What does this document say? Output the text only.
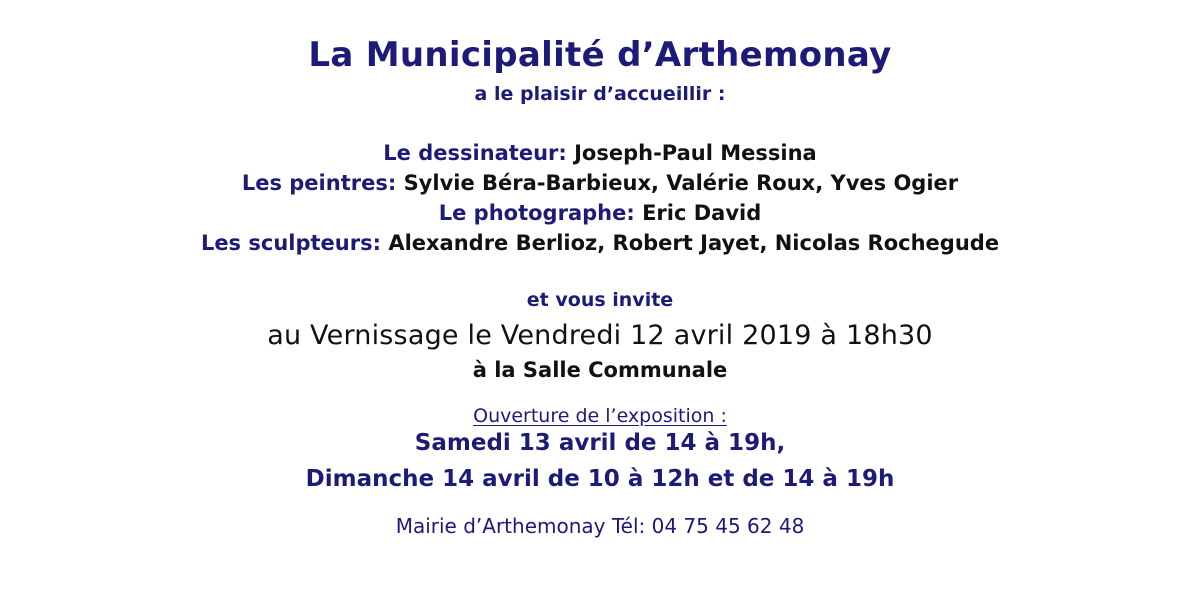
La Municipalité d’Arthemonay
a le plaisir d’accueillir :
Le dessinateur: Joseph-Paul Messina
Les peintres: Sylvie Béra-Barbieux, Valérie Roux, Yves Ogier
Le photographe: Eric David
Les sculpteurs: Alexandre Berlioz, Robert Jayet, Nicolas Rochegude
et vous invite
au Vernissage le Vendredi 12 avril 2019 à 18h30
à la Salle Communale
Ouverture de l’exposition :
Samedi 13 avril de 14 à 19h,
Dimanche 14 avril de 10 à 12h et de 14 à 19h
Mairie d’Arthemonay Tél: 04 75 45 62 48
